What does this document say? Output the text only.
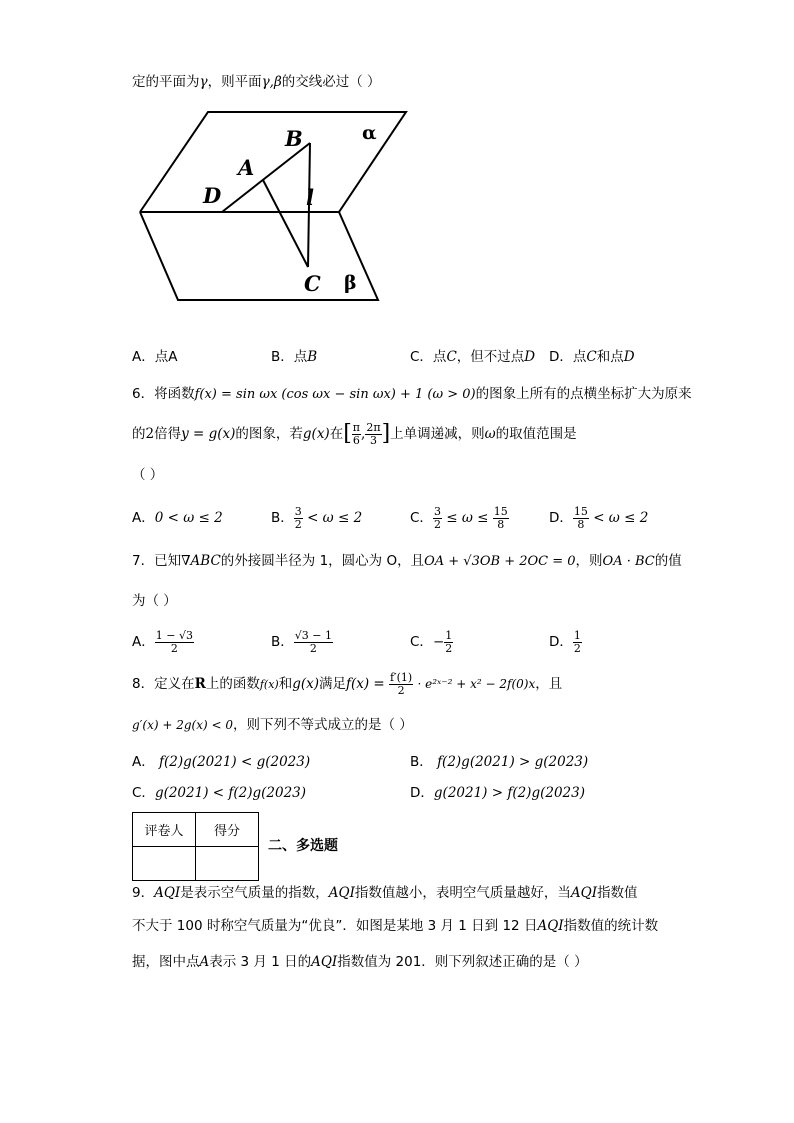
定的平面为γ，则平面γ,β的交线必过（ ）
B
A
D	l
C
α
β
A．点A	B．点B	C．点C，但不过点D D．点C和点D
6．将函数f(x) = sin ωx (cos ωx − sin ωx) + 1 (ω > 0)的图象上所有的点横坐标扩大为原来
的2倍得y = g(x)的图象，若g(x)在[ $\frac{\pi}{6}$ , $\frac{2\pi}{3}$ ]上单调递减，则ω的取值范围是
（ ）
A．0 < ω ≤ 2	B． $\frac{3}{2} < \omega \le 2$	C． $\frac{3}{2} \le \omega \le \frac{15}{8}$	D． $\frac{15}{8} < \omega \le 2$
7．已知∇ABC的外接圆半径为 1，圆心为 O，且OA + √3OB + 2OC = 0，则OA · BC的值
为（ ）
A． $\frac{1 - √3}{2}$	B． $\frac{√3 - 1}{2}$	C．− $\frac{1}{2}$	D． $\frac{1}{2}$
8．定义在R上的函数f(x)和g(x)满足$f(x) = \frac{f'(1)}{2}$ · e²ˣ⁻² + x² − 2f(0)x，且
g′(x) + 2g(x) < 0，则下列不等式成立的是（ ）
A． f(2)g(2021) < g(2023)	B． f(2)g(2021) > g(2023)
C．g(2021) < f(2)g(2023)	D．g(2021) > f(2)g(2023)
评卷人	得分

二、多选题
9．AQI是表示空气质量的指数，AQI指数值越小，表明空气质量越好，当AQI指数值
不大于 100 时称空气质量为“优良”．如图是某地 3 月 1 日到 12 日AQI指数值的统计数
据，图中点A表示 3 月 1 日的AQI指数值为 201．则下列叙述正确的是（ ）
